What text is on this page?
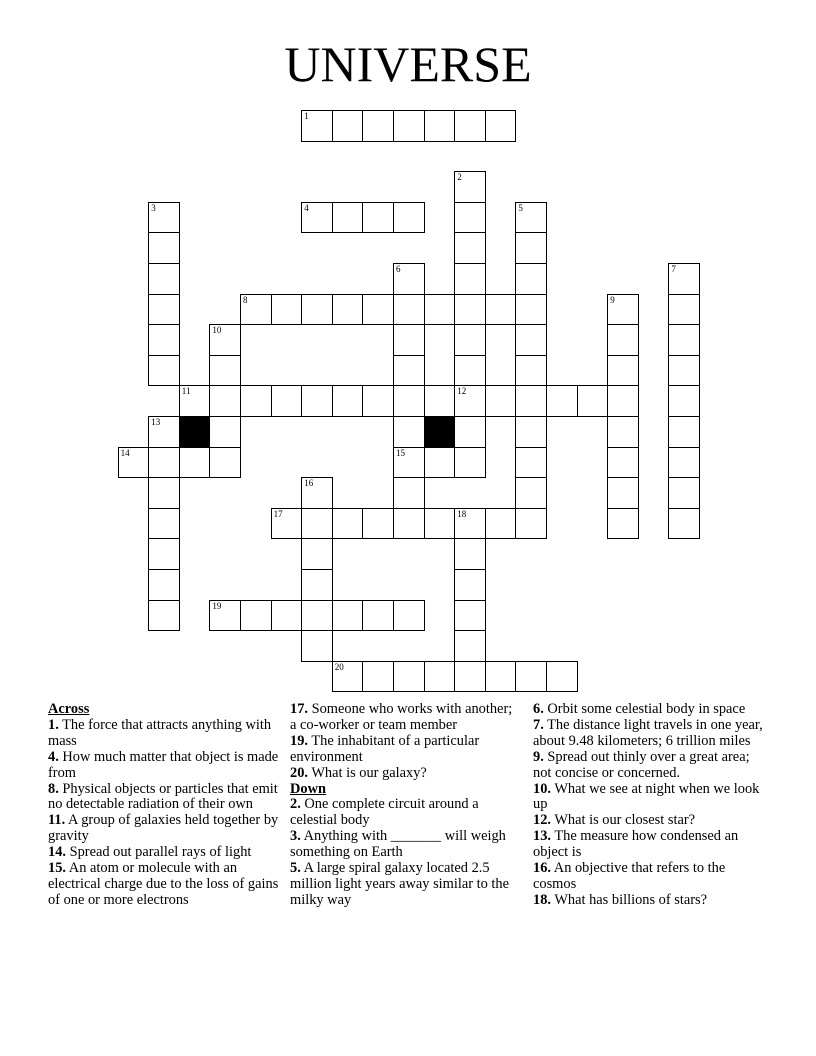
UNIVERSE
1
4
8
11	12
14	15
17	18
19
20
2
3	5
6	7
9
10
13
16
Across
1. The force that attracts anything with mass
4. How much matter that object is made from
8. Physical objects or particles that emit no detectable radiation of their own
11. A group of galaxies held together by gravity
14. Spread out parallel rays of light
15. An atom or molecule with an electrical charge due to the loss of gains of one or more electrons
17. Someone who works with another; a co-worker or team member
19. The inhabitant of a particular environment
20. What is our galaxy?
Down
2. One complete circuit around a celestial body
3. Anything with _______ will weigh something on Earth
5. A large spiral galaxy located 2.5 million light years away similar to the milky way
6. Orbit some celestial body in space
7. The distance light travels in one year, about 9.48 kilometers; 6 trillion miles
9. Spread out thinly over a great area; not concise or concerned.
10. What we see at night when we look up
12. What is our closest star?
13. The measure how condensed an object is
16. An objective that refers to the cosmos
18. What has billions of stars?
